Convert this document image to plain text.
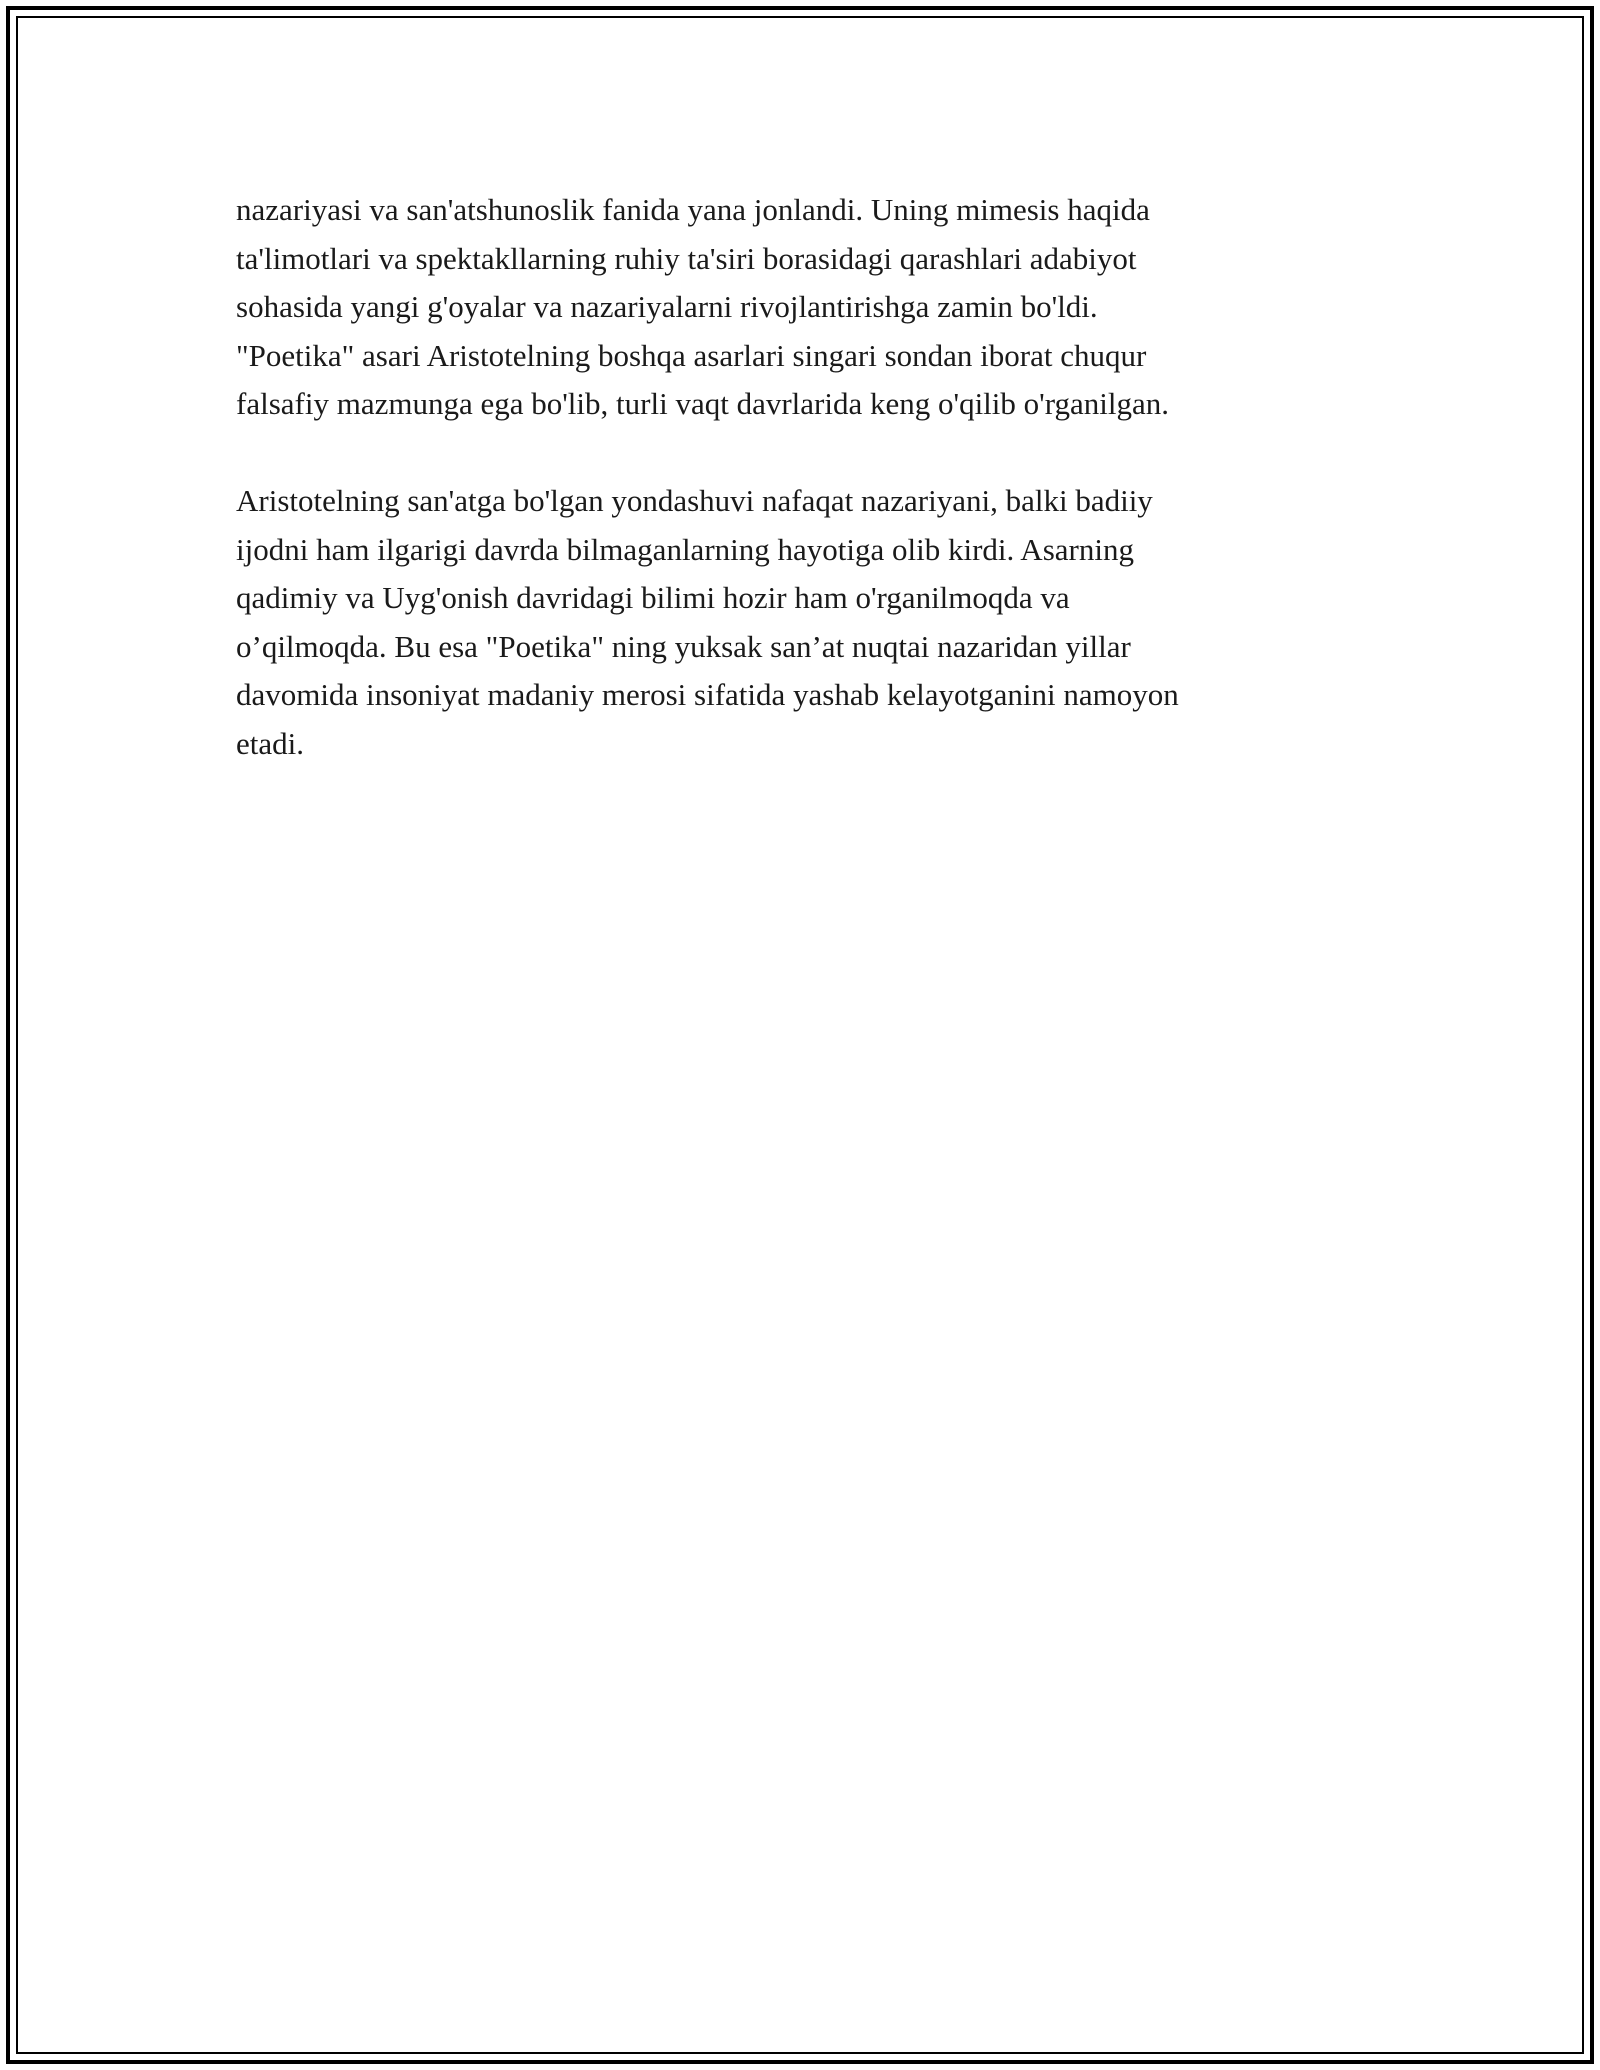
nazariyasi va san'atshunoslik fanida yana jonlandi. Uning mimesis haqida
ta'limotlari va spektakllarning ruhiy ta'siri borasidagi qarashlari adabiyot
sohasida yangi g'oyalar va nazariyalarni rivojlantirishga zamin bo'ldi.
"Poetika" asari Aristotelning boshqa asarlari singari sondan iborat chuqur
falsafiy mazmunga ega bo'lib, turli vaqt davrlarida keng o'qilib o'rganilgan.

Aristotelning san'atga bo'lgan yondashuvi nafaqat nazariyani, balki badiiy
ijodni ham ilgarigi davrda bilmaganlarning hayotiga olib kirdi. Asarning
qadimiy va Uyg'onish davridagi bilimi hozir ham o'rganilmoqda va
o’qilmoqda. Bu esa "Poetika" ning yuksak san’at nuqtai nazaridan yillar
davomida insoniyat madaniy merosi sifatida yashab kelayotganini namoyon
etadi.
